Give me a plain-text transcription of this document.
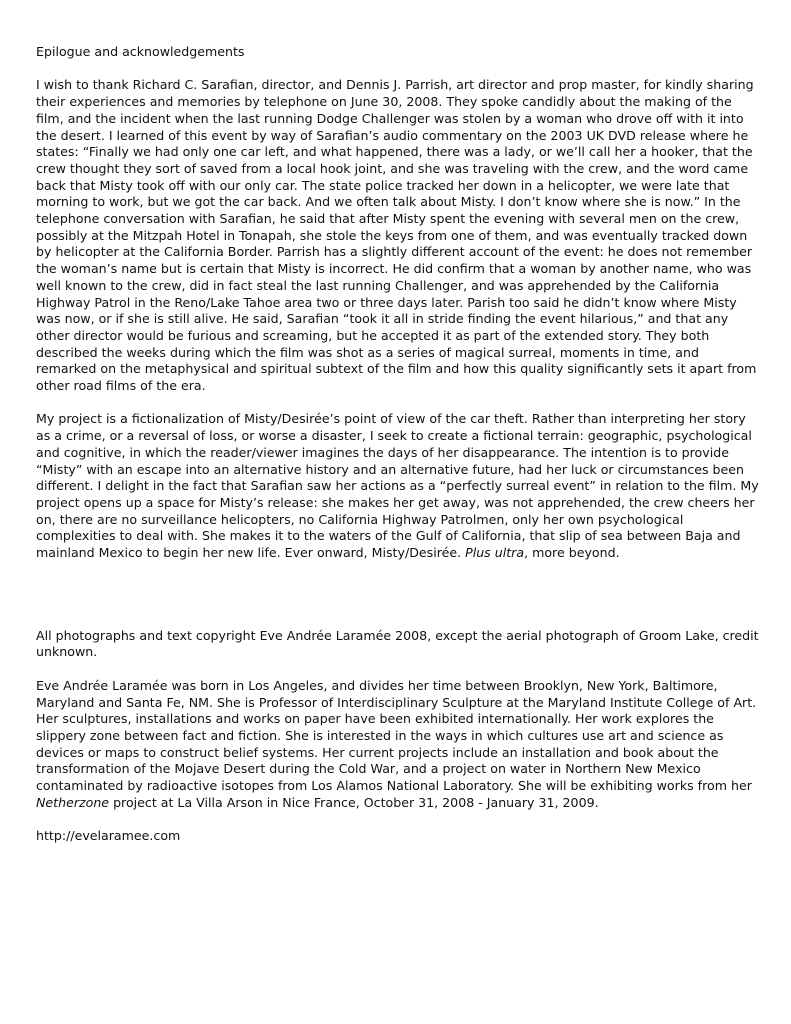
Epilogue and acknowledgements

I wish to thank Richard C. Sarafian, director, and Dennis J. Parrish, art director and prop master, for kindly sharing their experiences and memories by telephone on June 30, 2008. They spoke candidly about the making of the film, and the incident when the last running Dodge Challenger was stolen by a woman who drove off with it into the desert. I learned of this event by way of Sarafian’s audio commentary on the 2003 UK DVD release where he states: “Finally we had only one car left, and what happened, there was a lady, or we’ll call her a hooker, that the crew thought they sort of saved from a local hook joint, and she was traveling with the crew, and the word came back that Misty took off with our only car. The state police tracked her down in a helicopter, we were late that morning to work, but we got the car back. And we often talk about Misty. I don’t know where she is now.” In the telephone conversation with Sarafian, he said that after Misty spent the evening with several men on the crew, possibly at the Mitzpah Hotel in Tonapah, she stole the keys from one of them, and was eventually tracked down by helicopter at the California Border. Parrish has a slightly different account of the event: he does not remember the woman’s name but is certain that Misty is incorrect. He did confirm that a woman by another name, who was well known to the crew, did in fact steal the last running Challenger, and was apprehended by the California Highway Patrol in the Reno/Lake Tahoe area two or three days later. Parish too said he didn’t know where Misty was now, or if she is still alive. He said, Sarafian “took it all in stride finding the event hilarious,” and that any other director would be furious and screaming, but he accepted it as part of the extended story. They both described the weeks during which the film was shot as a series of magical surreal, moments in time, and remarked on the metaphysical and spiritual subtext of the film and how this quality significantly sets it apart from other road films of the era.

My project is a fictionalization of Misty/Desirée’s point of view of the car theft. Rather than interpreting her story as a crime, or a reversal of loss, or worse a disaster, I seek to create a fictional terrain: geographic, psychological and cognitive, in which the reader/viewer imagines the days of her disappearance. The intention is to provide “Misty” with an escape into an alternative history and an alternative future, had her luck or circumstances been different. I delight in the fact that Sarafian saw her actions as a “perfectly surreal event” in relation to the film. My project opens up a space for Misty’s release: she makes her get away, was not apprehended, the crew cheers her on, there are no surveillance helicopters, no California Highway Patrolmen, only her own psychological complexities to deal with. She makes it to the waters of the Gulf of California, that slip of sea between Baja and mainland Mexico to begin her new life. Ever onward, Misty/Desirée. Plus ultra, more beyond.

All photographs and text copyright Eve Andrée Laramée 2008, except the aerial photograph of Groom Lake, credit unknown.

Eve Andrée Laramée was born in Los Angeles, and divides her time between Brooklyn, New York, Baltimore, Maryland and Santa Fe, NM. She is Professor of Interdisciplinary Sculpture at the Maryland Institute College of Art. Her sculptures, installations and works on paper have been exhibited internationally. Her work explores the slippery zone between fact and fiction. She is interested in the ways in which cultures use art and science as devices or maps to construct belief systems. Her current projects include an installation and book about the transformation of the Mojave Desert during the Cold War, and a project on water in Northern New Mexico contaminated by radioactive isotopes from Los Alamos National Laboratory. She will be exhibiting works from her Netherzone project at La Villa Arson in Nice France, October 31, 2008 - January 31, 2009.

http://evelaramee.com
